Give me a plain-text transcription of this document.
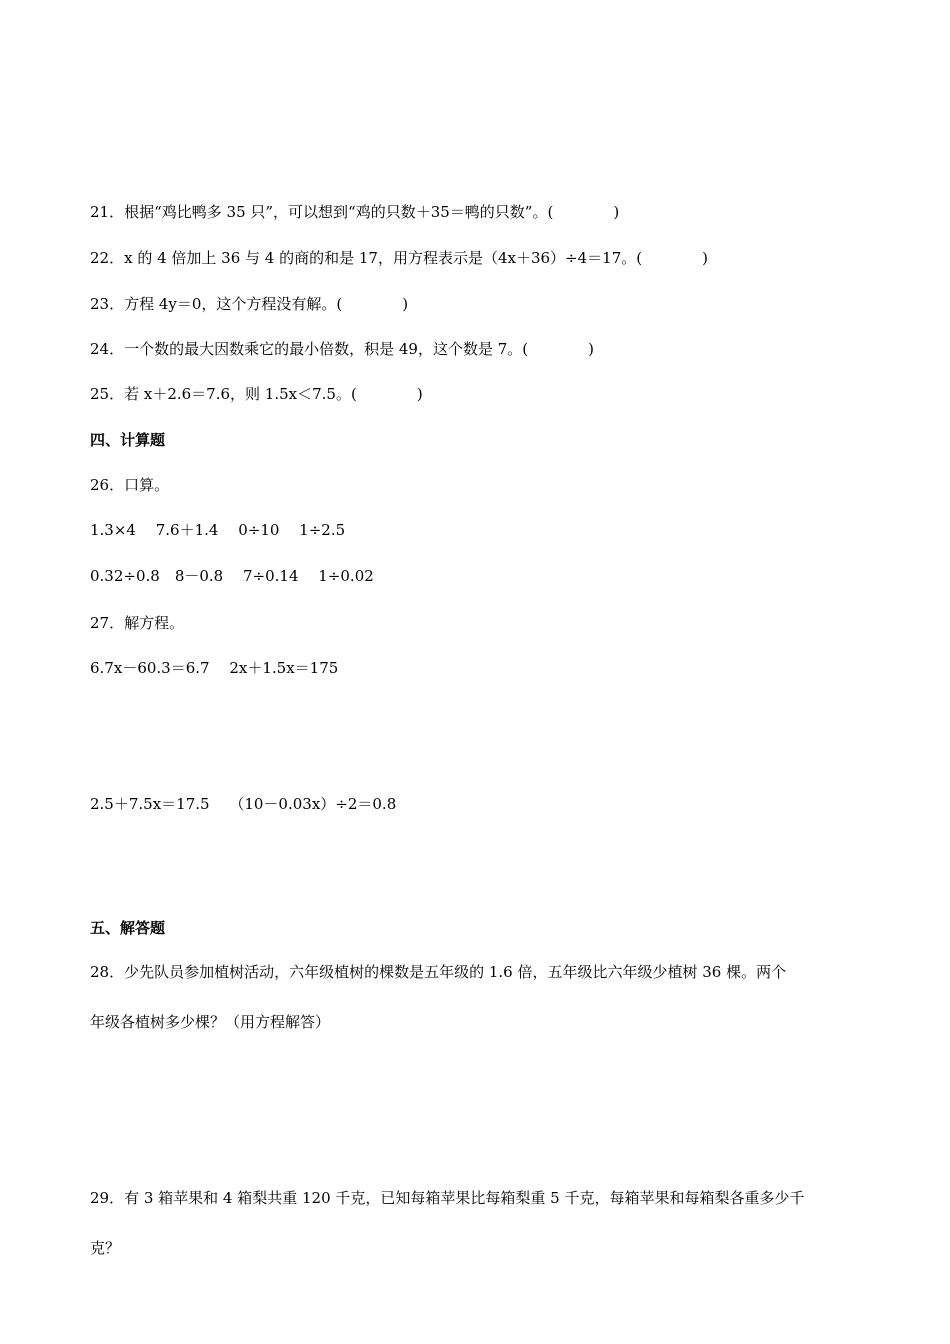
21．根据“鸡比鸭多 35 只”，可以想到“鸡的只数＋35＝鸭的只数”。(　　　　)
22．x 的 4 倍加上 36 与 4 的商的和是 17，用方程表示是（4x＋36）÷4＝17。(　　　　)
23．方程 4y＝0，这个方程没有解。(　　　　)
24．一个数的最大因数乘它的最小倍数，积是 49，这个数是 7。(　　　　)
25．若 x＋2.6＝7.6，则 1.5x＜7.5。(　　　　)
四、计算题
26．口算。
1.3×4　 7.6＋1.4　 0÷10　 1÷2.5
0.32÷0.8　8－0.8　 7÷0.14　 1÷0.02
27．解方程。
6.7x－60.3＝6.7　 2x＋1.5x＝175
2.5＋7.5x＝17.5　 （10－0.03x）÷2＝0.8
五、解答题
28．少先队员参加植树活动，六年级植树的棵数是五年级的 1.6 倍，五年级比六年级少植树 36 棵。两个
年级各植树多少棵？（用方程解答）
29．有 3 箱苹果和 4 箱梨共重 120 千克，已知每箱苹果比每箱梨重 5 千克，每箱苹果和每箱梨各重多少千
克？
